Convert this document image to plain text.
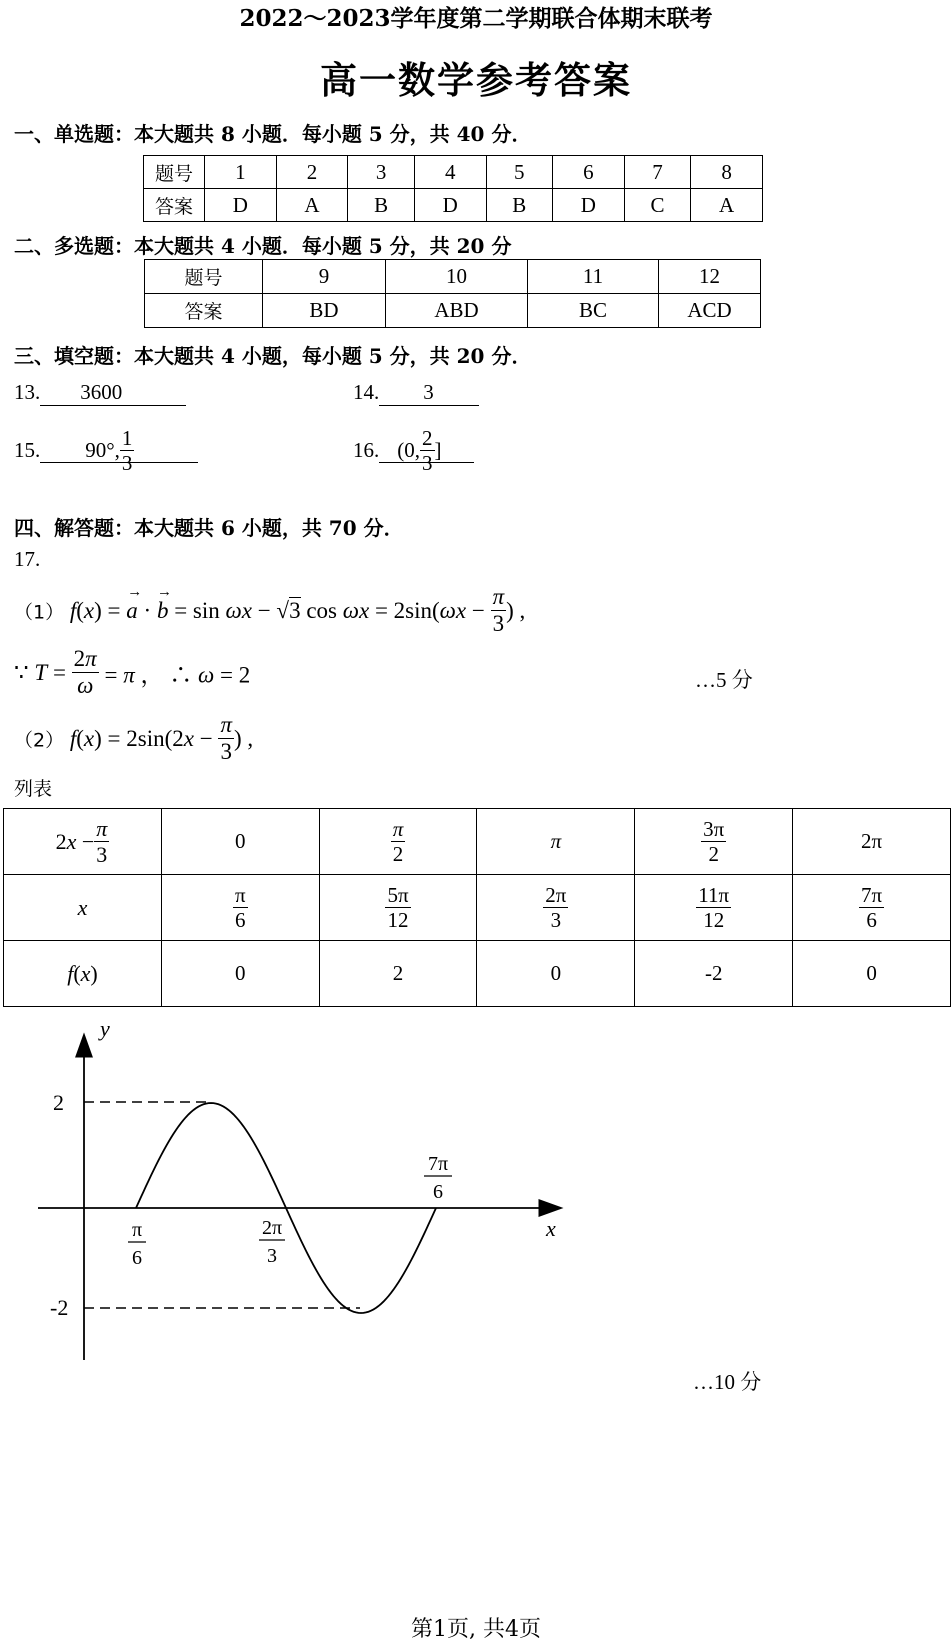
2022～2023学年度第二学期联合体期末联考
高一数学参考答案
一、单选题：本大题共 8 小题．每小题 5 分，共 40 分．
题号	1	2	3	4	5	6	7	8
答案	D	A	B	D	B	D	C	A
二、多选题：本大题共 4 小题．每小题 5 分，共 20 分
题号	9	10	11	12
答案	BD	ABD	BC	ACD
三、填空题：本大题共 4 小题，每小题 5 分，共 20 分．
13. 3600	14. 3
15. 90°, $\frac{1}{3}$	16. (0, $\frac{2}{3}$ ]
四、解答题：本大题共 6 小题，共 70 分．
17.
（1） f(x) = a
→
· b
→
= sin ωx − √3 $\cos \omega x = 2\sin(\omega x - \frac{\pi}{3}$ ) ,
∵ $T = \frac{2\pi}{\omega} = \pi$ ， ∴ ω = 2	…5 分
（2） $f(x) = 2\sin(2x - \frac{\pi}{3}$ ) ,
列表
$2x - \frac{\pi}{3}$	0	$\frac{\pi}{2}$	π	$\frac{3\pi}{2}$	2π
x	$\frac{\pi}{6}$	$\frac{5\pi}{12}$	$\frac{2\pi}{3}$	$\frac{11\pi}{12}$	$\frac{7\pi}{6}$

f(x)	0	2	0	-2	0
y
x
2
-2
π
6
2π
3
7π
6
…10 分
第1页, 共4页
